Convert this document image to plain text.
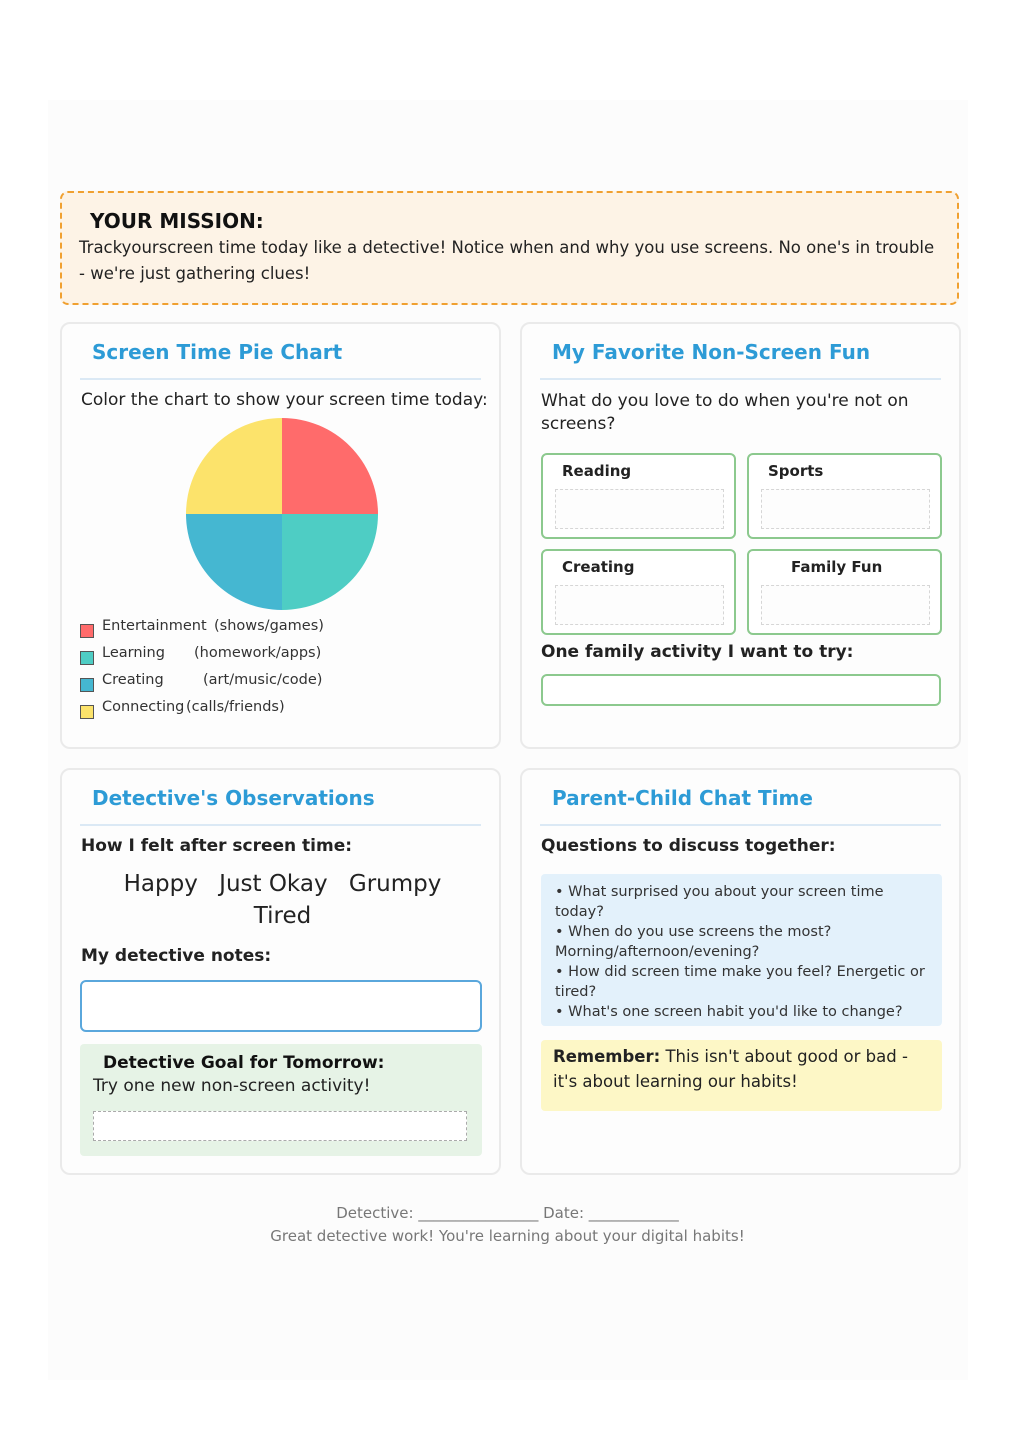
YOUR MISSION:
Trackyourscreen time today like a detective! Notice when and why you use screens. No one's in trouble - we're just gathering clues!
Screen Time Pie Chart
Color the chart to show your screen time today:
Entertainment (shows/games)
Learning (homework/apps)
Creating	(art/music/code)
Connecting (calls/friends)
My Favorite Non-Screen Fun
What do you love to do when you're not on screens?
Reading	Sports
Creating	Family Fun
One family activity I want to try:
Detective's Observations
How I felt after screen time:
Happy Just Okay Grumpy
Tired
My detective notes:
Detective Goal for Tomorrow:
Try one new non-screen activity!
Parent-Child Chat Time
Questions to discuss together:
• What surprised you about your screen time today?
• When do you use screens the most? Morning/afternoon/evening?
• How did screen time make you feel? Energetic or tired?
• What's one screen habit you'd like to change?
Remember: This isn't about good or bad - it's about learning our habits!
Detective: ________________ Date: ____________
Great detective work! You're learning about your digital habits!
